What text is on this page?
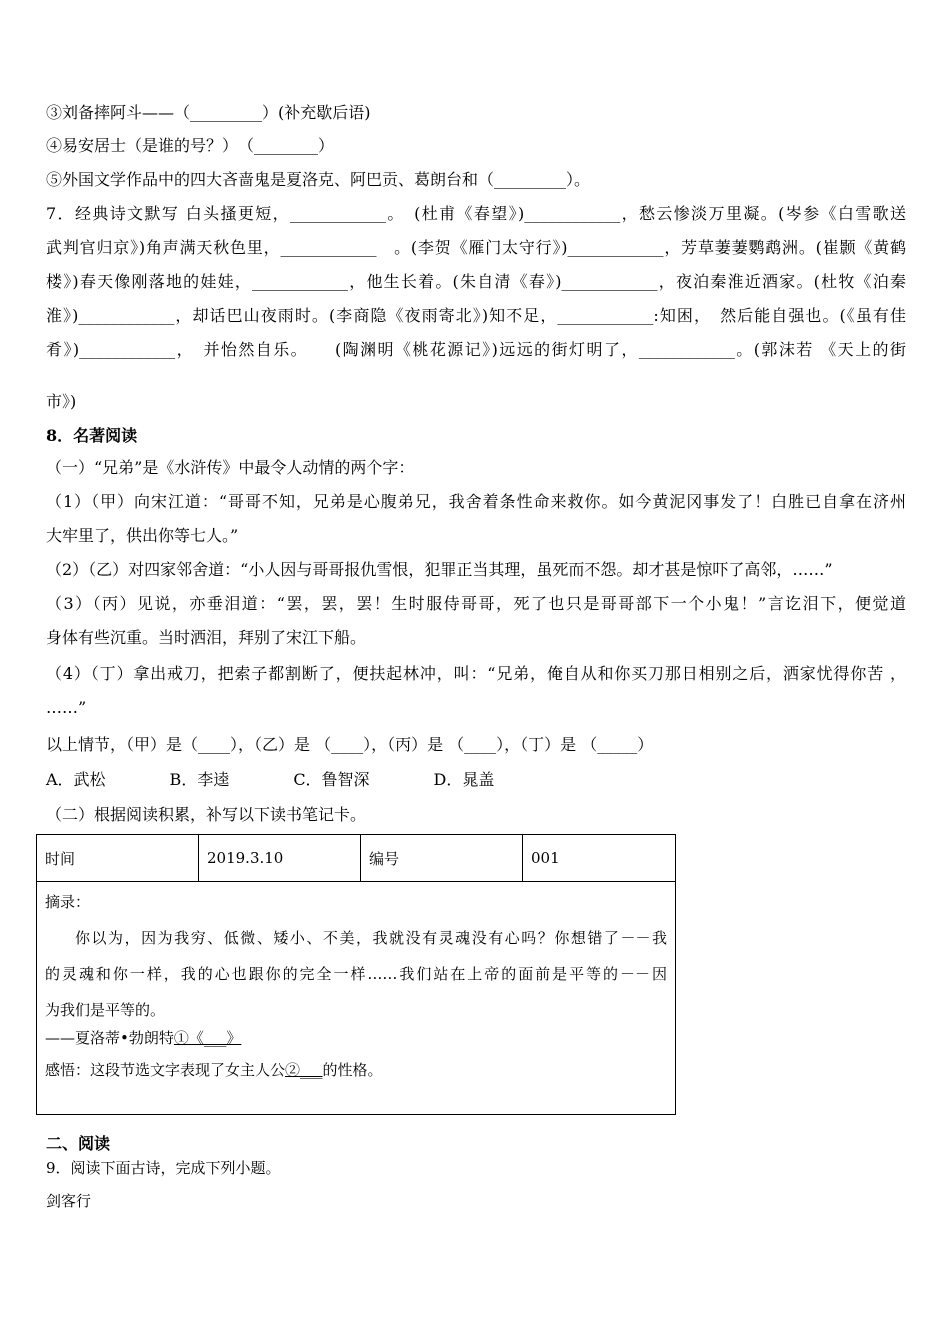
③刘备摔阿斗——（_________）(补充歇后语)
④易安居士（是谁的号？）　（________）
⑤外国文学作品中的四大吝啬鬼是夏洛克、阿巴贡、葛朗台和（_________）。
7．经典诗文默写 白头搔更短，____________。　(杜甫《春望》)____________，愁云惨淡万里凝。(岑参《白雪歌送
武判官归京》)角声满天秋色里，____________　。(李贺《雁门太守行》)____________，芳草萋萋鹦鹉洲。(崔颢《黄鹤
楼》)春天像刚落地的娃娃，____________，他生长着。(朱自清《春》)____________，夜泊秦淮近酒家。(杜牧《泊秦
淮》)____________，却话巴山夜雨时。(李商隐《夜雨寄北》)知不足，____________:知困，　然后能自强也。(《虽有佳
肴》)____________，　并怡然自乐。　　(陶渊明《桃花源记》)远远的街灯明了，____________。(郭沫若 《天上的街
市》)
8．名著阅读
（一）“兄弟”是《水浒传》中最令人动情的两个字：
（1）（甲）向宋江道：“哥哥不知，兄弟是心腹弟兄，我舍着条性命来救你。如今黄泥冈事发了！白胜已自拿在济州
大牢里了，供出你等七人。”
（2）（乙）对四家邻舍道：“小人因与哥哥报仇雪恨，犯罪正当其理，虽死而不怨。却才甚是惊吓了高邻，……”
（3）（丙）见说，亦垂泪道：“罢，罢，罢！生时服侍哥哥，死了也只是哥哥部下一个小鬼！”言讫泪下，便觉道
身体有些沉重。当时洒泪，拜别了宋江下船。
（4）（丁）拿出戒刀，把索子都割断了，便扶起林冲，叫：“兄弟，俺自从和你买刀那日相别之后，洒家忧得你苦 ，
……”
以上情节，（甲）是（____），（乙）是 （____），（丙）是 （____），（丁）是 （_____）
A．武松　　　　B．李逵　　　　C．鲁智深　　　　D．晁盖
（二）根据阅读积累，补写以下读书笔记卡。
时间	2019.3.10	编号	001

摘录：

你以为，因为我穷、低微、矮小、不美，我就没有灵魂没有心吗？你想错了－－我

的灵魂和你一样，我的心也跟你的完全一样……我们站在上帝的面前是平等的－－因

为我们是平等的。

——夏洛蒂•勃朗特①《___》

感悟：这段节选文字表现了女主人公②___的性格。

二、阅读
9．阅读下面古诗，完成下列小题。
剑客行
